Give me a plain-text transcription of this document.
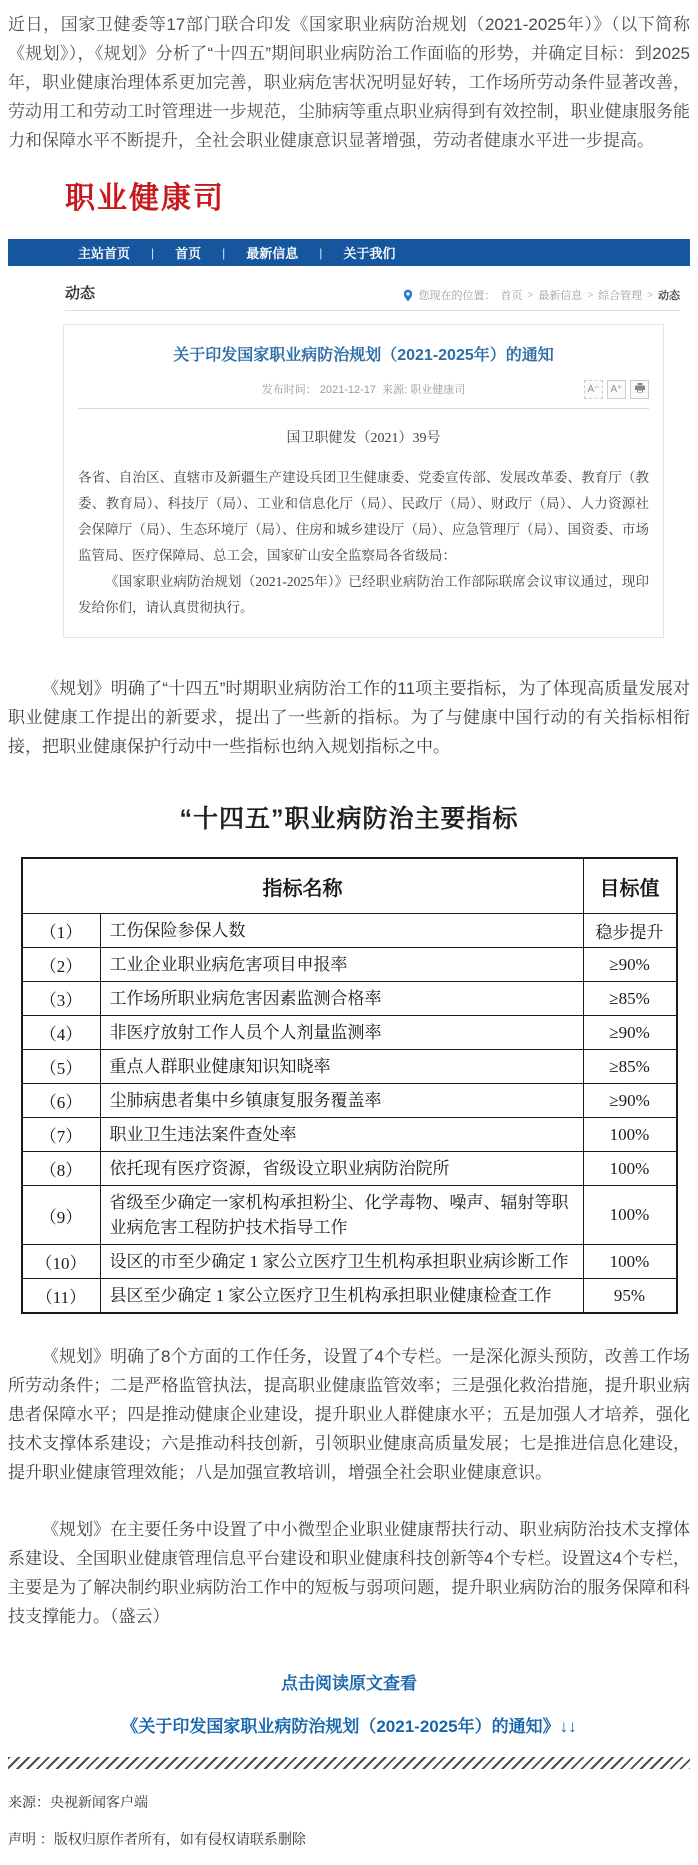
近日，国家卫健委等17部门联合印发《国家职业病防治规划（2021-2025年）》（以下简称《规划》），《规划》分析了“十四五”期间职业病防治工作面临的形势，并确定目标：到2025年，职业健康治理体系更加完善，职业病危害状况明显好转，工作场所劳动条件显著改善，劳动用工和劳动工时管理进一步规范，尘肺病等重点职业病得到有效控制，职业健康服务能力和保障水平不断提升，全社会职业健康意识显著增强，劳动者健康水平进一步提高。

职业健康司
主站首页 | 首页 | 最新信息 | 关于我们
动态	您现在的位置： 首页 > 最新信息 > 综合管理 > 动态
关于印发国家职业病防治规划（2021-2025年）的通知
发布时间： 2021-12-17 来源: 职业健康司	A⁻	A⁺

国卫职健发（2021）39号

各省、自治区、直辖市及新疆生产建设兵团卫生健康委、党委宣传部、发展改革委、教育厅（教委、教育局）、科技厅（局）、工业和信息化厅（局）、民政厅（局）、财政厅（局）、人力资源社会保障厅（局）、生态环境厅（局）、住房和城乡建设厅（局）、应急管理厅（局）、国资委、市场监管局、医疗保障局、总工会，国家矿山安全监察局各省级局：

《国家职业病防治规划（2021-2025年）》已经职业病防治工作部际联席会议审议通过，现印发给你们，请认真贯彻执行。

《规划》明确了“十四五”时期职业病防治工作的11项主要指标，为了体现高质量发展对职业健康工作提出的新要求，提出了一些新的指标。为了与健康中国行动的有关指标相衔接，把职业健康保护行动中一些指标也纳入规划指标之中。

“十四五”职业病防治主要指标
指标名称		目标值
（1）	工伤保险参保人数	稳步提升
（2）	工业企业职业病危害项目申报率	≥90%
（3）	工作场所职业病危害因素监测合格率	≥85%
（4）	非医疗放射工作人员个人剂量监测率	≥90%
（5）	重点人群职业健康知识知晓率	≥85%
（6）	尘肺病患者集中乡镇康复服务覆盖率	≥90%
（7）	职业卫生违法案件查处率	100%
（8）	依托现有医疗资源，省级设立职业病防治院所	100%
（9）	省级至少确定一家机构承担粉尘、化学毒物、噪声、辐射等职业病危害工程防护技术指导工作	100%
（10）	设区的市至少确定 1 家公立医疗卫生机构承担职业病诊断工作	100%
（11）	县区至少确定 1 家公立医疗卫生机构承担职业健康检查工作	95%

《规划》明确了8个方面的工作任务，设置了4个专栏。一是深化源头预防，改善工作场所劳动条件；二是严格监管执法，提高职业健康监管效率；三是强化救治措施，提升职业病患者保障水平；四是推动健康企业建设，提升职业人群健康水平；五是加强人才培养，强化技术支撑体系建设；六是推动科技创新，引领职业健康高质量发展；七是推进信息化建设，提升职业健康管理效能；八是加强宣教培训，增强全社会职业健康意识。

《规划》在主要任务中设置了中小微型企业职业健康帮扶行动、职业病防治技术支撑体系建设、全国职业健康管理信息平台建设和职业健康科技创新等4个专栏。设置这4个专栏，主要是为了解决制约职业病防治工作中的短板与弱项问题，提升职业病防治的服务保障和科技支撑能力。（盛云）

点击阅读原文查看

《关于印发国家职业病防治规划（2021-2025年）的通知》↓↓

来源：央视新闻客户端

声明 ：版权归原作者所有，如有侵权请联系删除
